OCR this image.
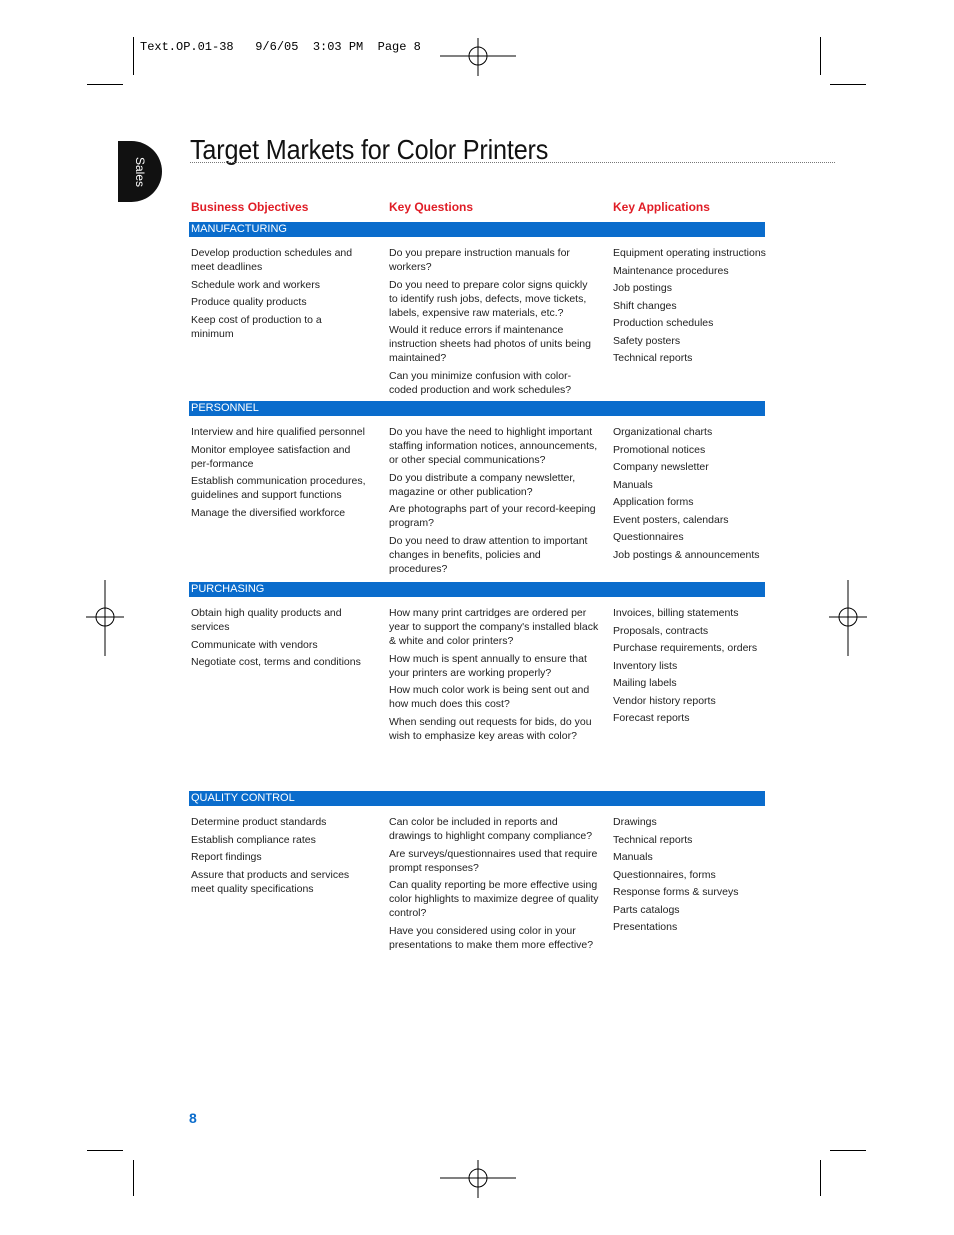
Text.OP.01-38   9/6/05  3:03 PM  Page 8
Sales
Target Markets for Color Printers
Business Objectives	Key Questions	Key Applications
MANUFACTURING
Develop production schedules and meet deadlines
Schedule work and workers
Produce quality products
Keep cost of production to a minimum
Do you prepare instruction manuals for workers?
Do you need to prepare color signs quickly to identify rush jobs, defects, move tickets, labels, expensive raw materials, etc.?
Would it reduce errors if maintenance instruction sheets had photos of units being maintained?
Can you minimize confusion with color-coded production and work schedules?
Equipment operating instructions
Maintenance procedures
Job postings
Shift changes
Production schedules
Safety posters
Technical reports
PERSONNEL
Interview and hire qualified personnel
Monitor employee satisfaction and per-formance
Establish communication procedures, guidelines and support functions
Manage the diversified workforce
Do you have the need to highlight important staffing information notices, announcements, or other special communications?
Do you distribute a company newsletter, magazine or other publication?
Are photographs part of your record-keeping program?
Do you need to draw attention to important changes in benefits, policies and procedures?
Organizational charts
Promotional notices
Company newsletter
Manuals
Application forms
Event posters, calendars
Questionnaires
Job postings & announcements
PURCHASING
Obtain high quality products and services
Communicate with vendors
Negotiate cost, terms and conditions
How many print cartridges are ordered per year to support the company's installed black & white and color printers?
How much is spent annually to ensure that your printers are working properly?
How much color work is being sent out and how much does this cost?
When sending out requests for bids, do you wish to emphasize key areas with color?
Invoices, billing statements
Proposals, contracts
Purchase requirements, orders
Inventory lists
Mailing labels
Vendor history reports
Forecast reports
QUALITY CONTROL
Determine product standards
Establish compliance rates
Report findings
Assure that products and services meet quality specifications
Can color be included in reports and drawings to highlight company compliance?
Are surveys/questionnaires used that require prompt responses?
Can quality reporting be more effective using color highlights to maximize degree of quality control?
Have you considered using color in your presentations to make them more effective?
Drawings
Technical reports
Manuals
Questionnaires, forms
Response forms & surveys
Parts catalogs
Presentations
8
